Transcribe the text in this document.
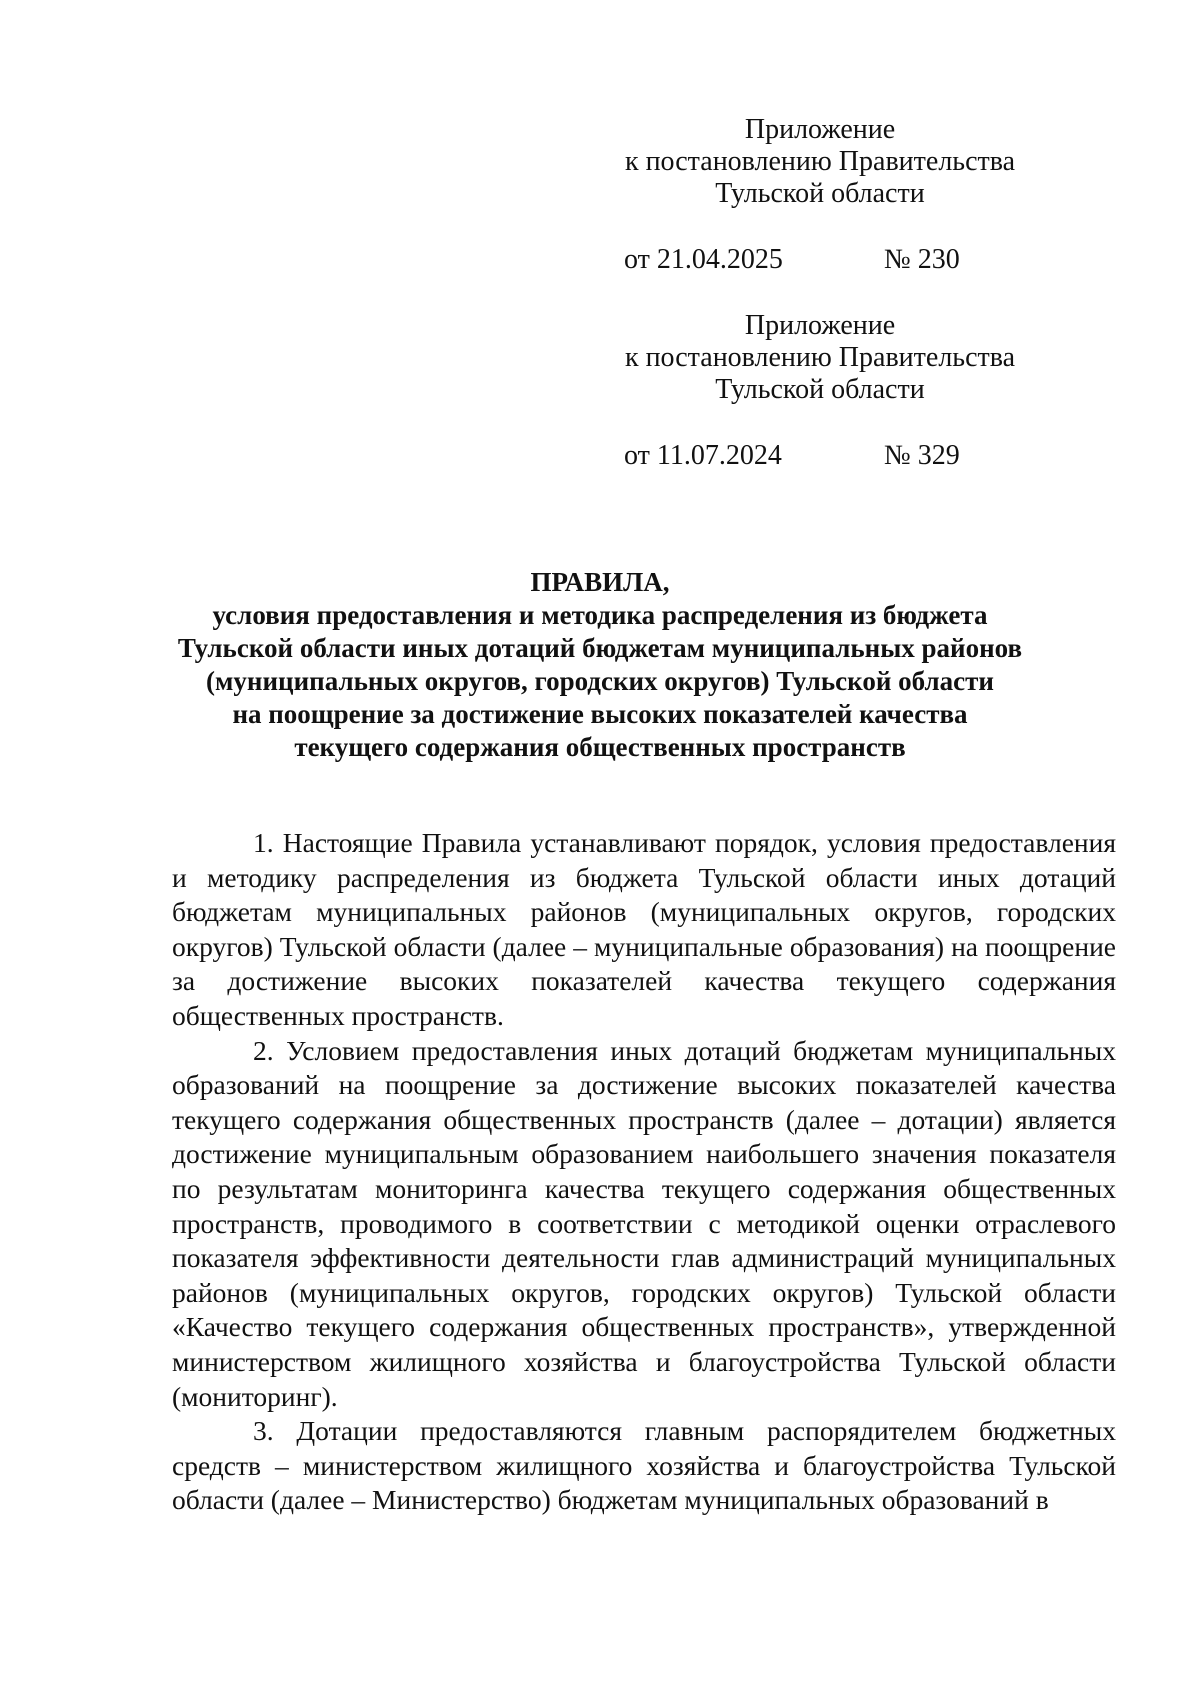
Приложение
к постановлению Правительства
Тульской области
от 21.04.2025	№ 230
Приложение
к постановлению Правительства
Тульской области
от 11.07.2024	№ 329
ПРАВИЛА,
условия предоставления и методика распределения из бюджета
Тульской области иных дотаций бюджетам муниципальных районов
(муниципальных округов, городских округов) Тульской области
на поощрение за достижение высоких показателей качества
текущего содержания общественных пространств

1. Настоящие Правила устанавливают порядок, условия предоставления и методику распределения из бюджета Тульской области иных дотаций бюджетам муниципальных районов (муниципальных округов, городских округов) Тульской области (далее – муниципальные образования) на поощрение за достижение высоких показателей качества текущего содержания общественных пространств.

2. Условием предоставления иных дотаций бюджетам муниципальных образований на поощрение за достижение высоких показателей качества текущего содержания общественных пространств (далее – дотации) является достижение муниципальным образованием наибольшего значения показателя по результатам мониторинга качества текущего содержания общественных пространств, проводимого в соответствии с методикой оценки отраслевого показателя эффективности деятельности глав администраций муниципальных районов (муниципальных округов, городских округов) Тульской области «Качество текущего содержания общественных пространств», утвержденной министерством жилищного хозяйства и благоустройства Тульской области (мониторинг).

3. Дотации предоставляются главным распорядителем бюджетных средств – министерством жилищного хозяйства и благоустройства Тульской области (далее – Министерство) бюджетам муниципальных образований в
